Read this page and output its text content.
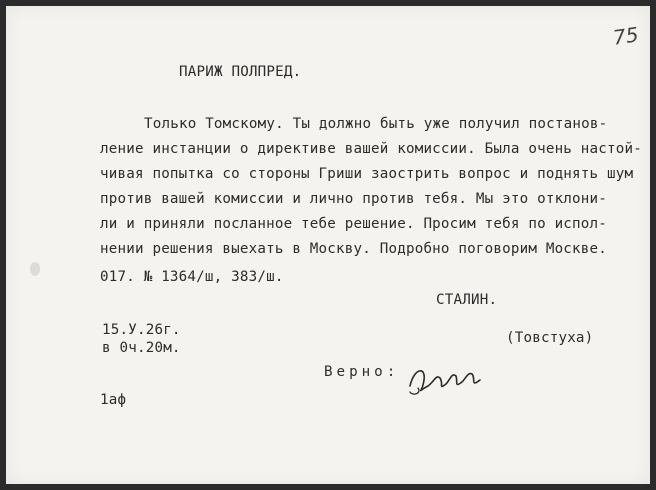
75

ПАРИЖ ПОЛПРЕД.

Только Томскому. Ты должно быть уже получил постанов-

ление инстанции о директиве вашей комиссии. Была очень настой-

чивая попытка со стороны Гриши заострить вопрос и поднять шум

против вашей комиссии и лично против тебя. Мы это отклони-

ли и приняли посланное тебе решение. Просим тебя по испол-

нении решения выехать в Москву. Подробно поговорим Москве.

017. № 1364/ш, 383/ш.

СТАЛИН.

15.У.26г.	(Товстуха)

в 0ч.20м.

Верно:

1аф
